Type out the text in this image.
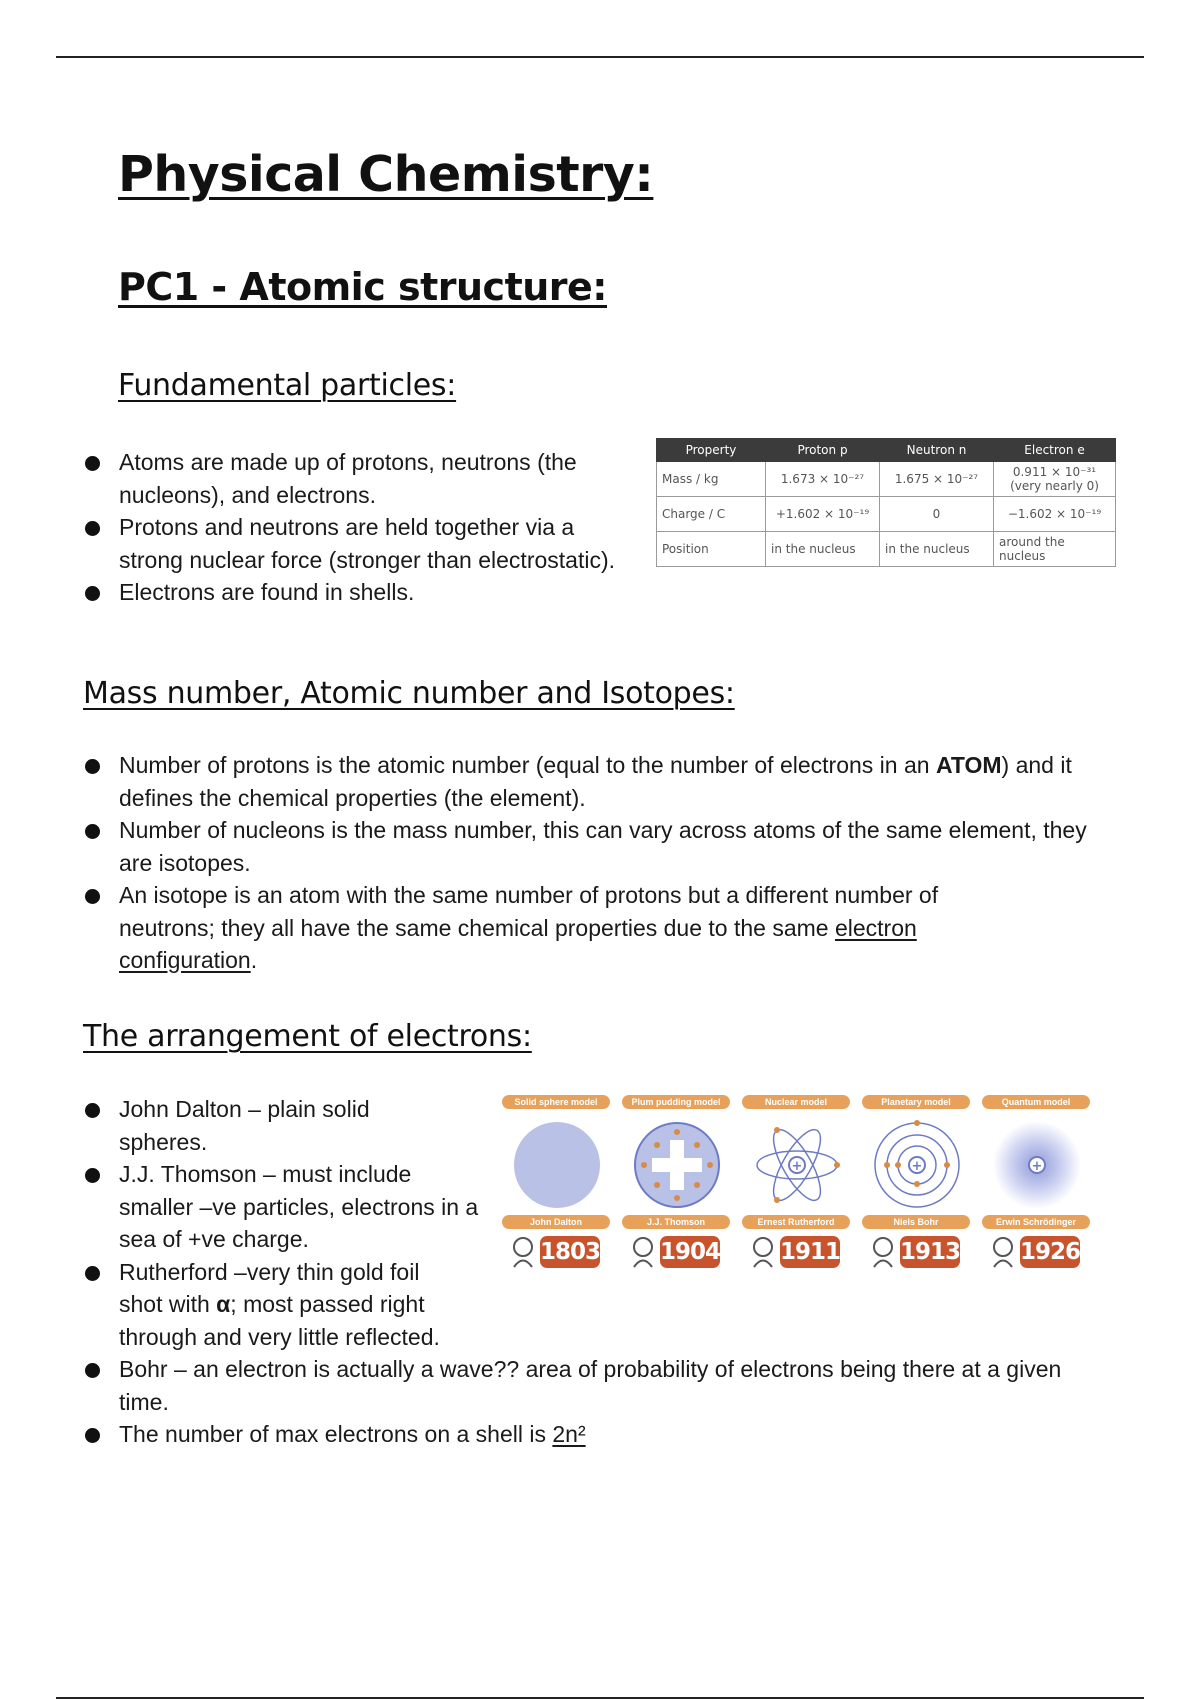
Physical Chemistry:
PC1 - Atomic structure:
Fundamental particles:
Atoms are made up of protons, neutrons (the nucleons), and electrons.
Protons and neutrons are held together via a strong nuclear force (stronger than electrostatic).
Electrons are found in shells.
Property	Proton p	Neutron n	Electron e
Mass / kg	1.673 × 10⁻²⁷	1.675 × 10⁻²⁷	0.911 × 10⁻³¹ (very nearly 0)
Charge / C	+1.602 × 10⁻¹⁹	0	−1.602 × 10⁻¹⁹
Position	in the nucleus	in the nucleus	around the nucleus
Mass number, Atomic number and Isotopes:
Number of protons is the atomic number (equal to the number of electrons in an ATOM) and it defines the chemical properties (the element).
Number of nucleons is the mass number, this can vary across atoms of the same element, they are isotopes.
An isotope is an atom with the same number of protons but a different number of neutrons; they all have the same chemical properties due to the same electron configuration.
The arrangement of electrons:
John Dalton – plain solid spheres.
J.J. Thomson – must include smaller –ve particles, electrons in a sea of +ve charge.
Rutherford –very thin gold foil shot with α; most passed right through and very little reflected.
Bohr – an electron is actually a wave?? area of probability of electrons being there at a given time.
The number of max electrons on a shell is 2n²
Solid sphere model
John Dalton
1803
Plum pudding model
J.J. Thomson
1904
Nuclear model
+
Ernest Rutherford
1911
Planetary model
+
Niels Bohr
1913
Quantum model
+
Erwin Schrödinger
1926
